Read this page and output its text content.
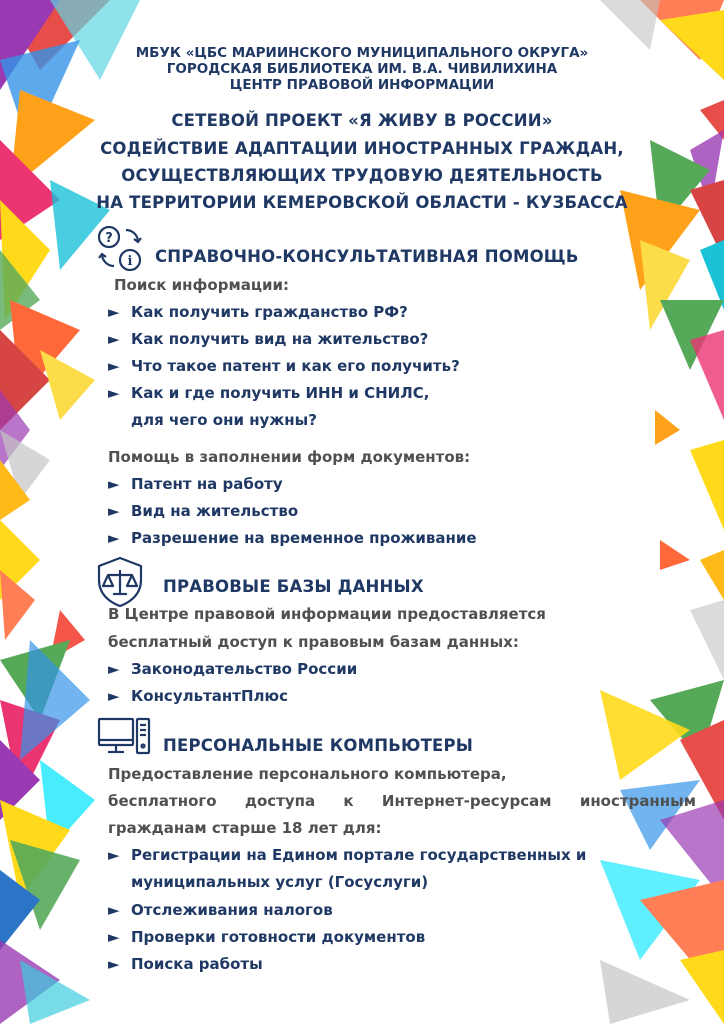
МБУК «ЦБС МАРИИНСКОГО МУНИЦИПАЛЬНОГО ОКРУГА»
ГОРОДСКАЯ БИБЛИОТЕКА ИМ. В.А. ЧИВИЛИХИНА
ЦЕНТР ПРАВОВОЙ ИНФОРМАЦИИ
СЕТЕВОЙ ПРОЕКТ «Я ЖИВУ В РОССИИ»
СОДЕЙСТВИЕ АДАПТАЦИИ ИНОСТРАННЫХ ГРАЖДАН,
ОСУЩЕСТВЛЯЮЩИХ ТРУДОВУЮ ДЕЯТЕЛЬНОСТЬ
НА ТЕРРИТОРИИ КЕМЕРОВСКОЙ ОБЛАСТИ - КУЗБАССА
?
i СПРАВОЧНО-КОНСУЛЬТАТИВНАЯ ПОМОЩЬ
Поиск информации:
► Как получить гражданство РФ?
► Как получить вид на жительство?
► Что такое патент и как его получить?
► Как и где получить ИНН и СНИЛС,
для чего они нужны?
Помощь в заполнении форм документов:
► Патент на работу
► Вид на жительство
► Разрешение на временное проживание
ПРАВОВЫЕ БАЗЫ ДАННЫХ
В Центре правовой информации предоставляется
бесплатный доступ к правовым базам данных:
► Законодательство России
► КонсультантПлюс
ПЕРСОНАЛЬНЫЕ КОМПЬЮТЕРЫ
Предоставление персонального компьютера,
бесплатного доступа к Интернет-ресурсам иностранным
гражданам старше 18 лет для:
► Регистрации на Едином портале государственных и
муниципальных услуг (Госуслуги)
► Отслеживания налогов
► Проверки готовности документов
► Поиска работы
